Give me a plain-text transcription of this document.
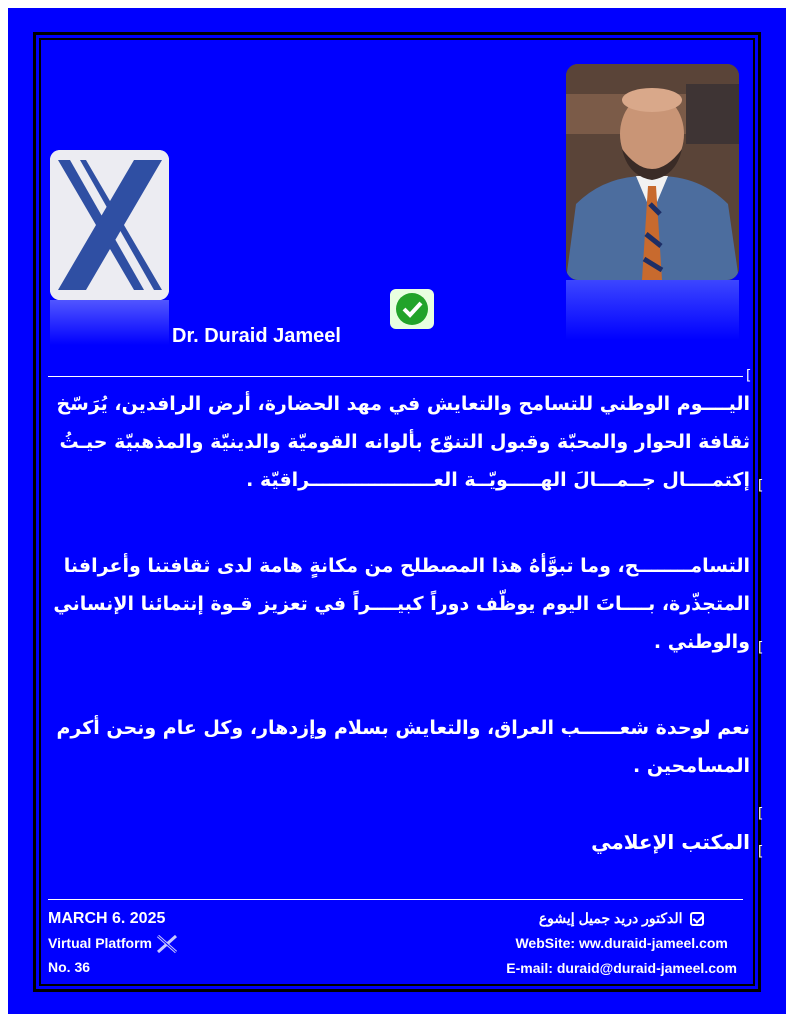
Dr. Duraid Jameel
[

اليــــوم الوطني للتسامح والتعايش في مهد الحضارة، أرض الرافدين، يُرَسّخ ثقافة الحوار والمحبّة وقبول التنوّع بألوانه القوميّة والدينيّة والمذهبيّة حيـثُ إكتمــــال جــمـــالَ الهـــــويّــة العـــــــــــــــــــراقيّة .

التسامــــــــح، وما تبوَّأهُ هذا المصطلح من مكانةٍ هامة لدى ثقافتنا وأعرافنا المتجذّرة، بــــاتَ اليوم يوظّف دوراً كبيــــراً في تعزيز قـوة إنتمائنا الإنساني والوطني .

نعم لوحدة شعــــــب العراق، والتعايش بسلام وإزدهار، وكل عام ونحن أكرم المسامحين .

المكتب الإعلامي

[
[
[
[
MARCH 6. 2025
Virtual Platform
No. 36
الدكتور دريد جميل إيشوع
WebSite: ww.duraid-jameel.com
E-mail: duraid@duraid-jameel.com
